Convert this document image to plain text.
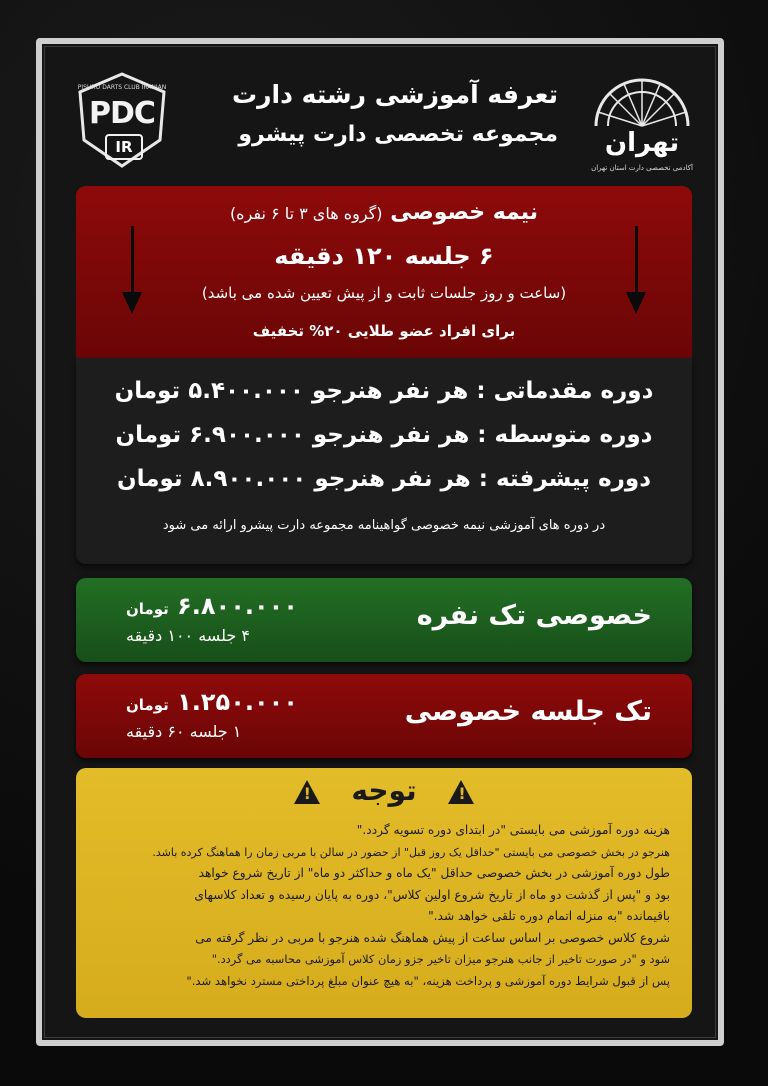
PISHRO DARTS CLUB IRANIAN
PDC
IR
تعرفه آموزشی رشته دارت
مجموعه تخصصی دارت پیشرو	تهران
آکادمی تخصصی دارت استان تهران
نیمه خصوصی (گروه های ۳ تا ۶ نفره)
۶ جلسه ۱۲۰ دقیقه
(ساعت و روز جلسات ثابت و از پیش تعیین شده می باشد)
برای افراد عضو طلایی ۲۰% تخفیف
دوره مقدماتی : هر نفر هنرجو ۵.۴۰۰.۰۰۰ تومان
دوره متوسطه : هر نفر هنرجو ۶.۹۰۰.۰۰۰ تومان
دوره پیشرفته : هر نفر هنرجو ۸.۹۰۰.۰۰۰ تومان
در دوره های آموزشی نیمه خصوصی گواهینامه مجموعه دارت پیشرو ارائه می شود
خصوصی تک نفره
۶.۸۰۰.۰۰۰ تومان
۴ جلسه ۱۰۰ دقیقه
تک جلسه خصوصی
۱.۲۵۰.۰۰۰ تومان
۱ جلسه ۶۰ دقیقه
! توجه !
هزینه دوره آموزشی می بایستی "در ابتدای دوره تسویه گردد."
هنرجو در بخش خصوصی می بایستی "حداقل یک روز قبل" از حضور در سالن با مربی زمان را هماهنگ کرده باشد.
طول دوره آموزشی در بخش خصوصی حداقل "یک ماه و حداکثر دو ماه" از تاریخ شروع خواهد
بود و "پس از گذشت دو ماه از تاریخ شروع اولین کلاس"، دوره به پایان رسیده و تعداد کلاسهای
باقیمانده "به منزله اتمام دوره تلقی خواهد شد."
شروع کلاس خصوصی بر اساس ساعت از پیش هماهنگ شده هنرجو با مربی در نظر گرفته می
شود و "در صورت تاخیر از جانب هنرجو میزان تاخیر جزو زمان کلاس آموزشی محاسبه می گردد."
پس از قبول شرایط دوره آموزشی و پرداخت هزینه، "به هیچ عنوان مبلغ پرداختی مسترد نخواهد شد."
